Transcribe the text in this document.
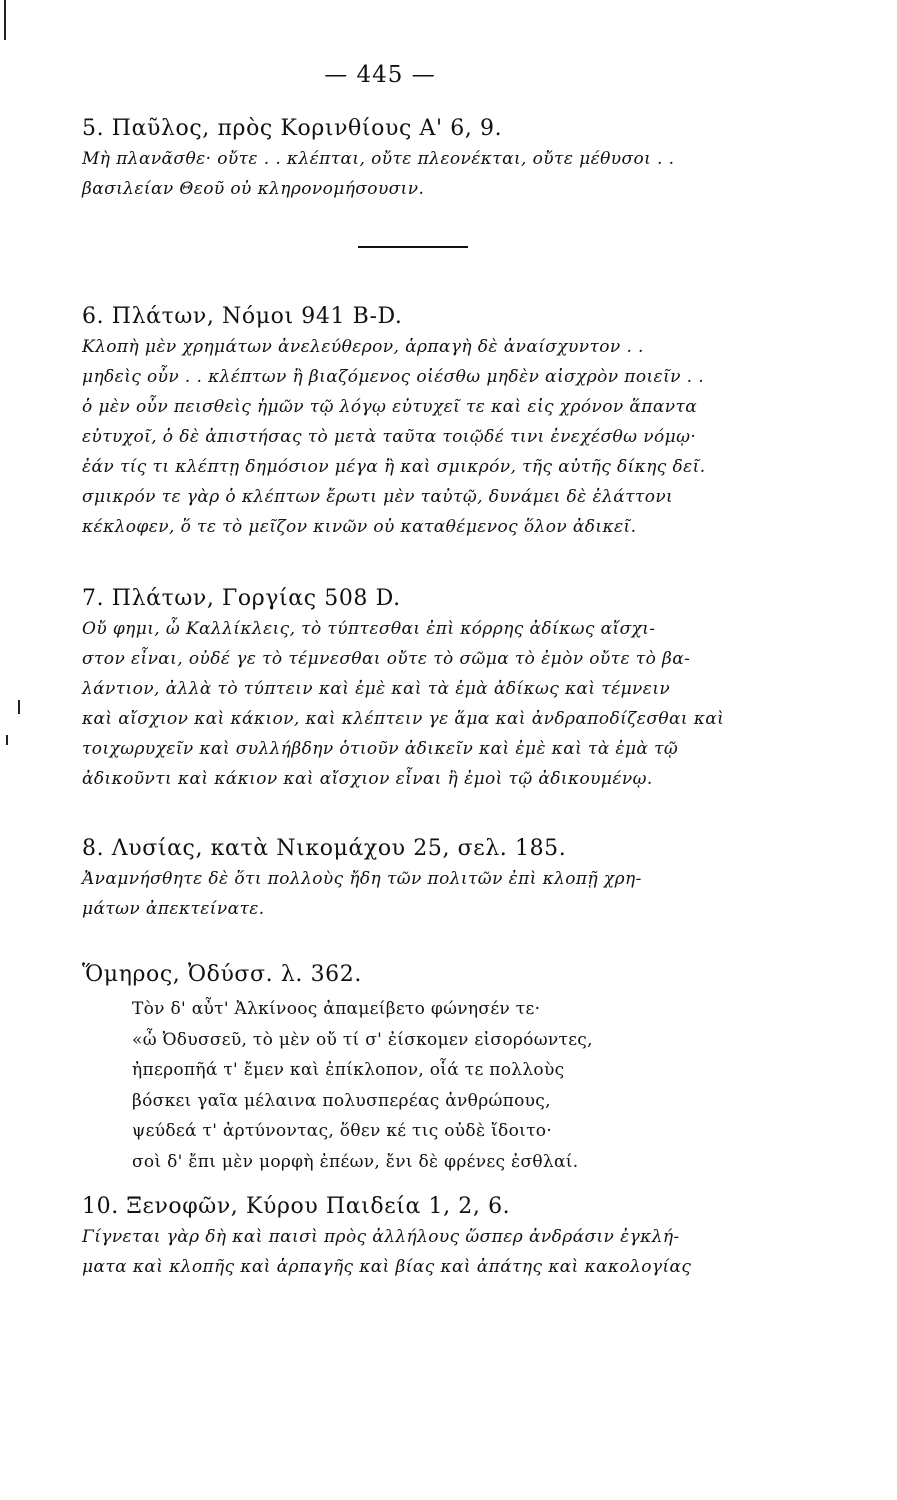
— 445 —
5. Παῦλος, πρὸς Κορινθίους Α' 6, 9.
Μὴ πλανᾶσθε· οὔτε . . κλέπται, οὔτε πλεονέκται, οὔτε μέθυσοι . .
βασιλείαν Θεοῦ οὐ κληρονομήσουσιν.
6. Πλάτων, Νόμοι 941 Β-D.
Κλοπὴ μὲν χρημάτων ἀνελεύθερον, ἁρπαγὴ δὲ ἀναίσχυντον . .
μηδεὶς οὖν . . κλέπτων ἢ βιαζόμενος οἰέσθω μηδὲν αἰσχρὸν ποιεῖν . .
ὁ μὲν οὖν πεισθεὶς ἡμῶν τῷ λόγῳ εὐτυχεῖ τε καὶ εἰς χρόνον ἅπαντα
εὐτυχοῖ, ὁ δὲ ἀπιστήσας τὸ μετὰ ταῦτα τοιῷδέ τινι ἐνεχέσθω νόμῳ·
ἐάν τίς τι κλέπτῃ δημόσιον μέγα ἢ καὶ σμικρόν, τῆς αὐτῆς δίκης δεῖ.
σμικρόν τε γὰρ ὁ κλέπτων ἔρωτι μὲν ταὐτῷ, δυνάμει δὲ ἐλάττονι
κέκλοφεν, ὅ τε τὸ μεῖζον κινῶν οὐ καταθέμενος ὅλον ἀδικεῖ.
7. Πλάτων, Γοργίας 508 D.
Οὔ φημι, ὦ Καλλίκλεις, τὸ τύπτεσθαι ἐπὶ κόρρης ἀδίκως αἴσχι-
στον εἶναι, οὐδέ γε τὸ τέμνεσθαι οὔτε τὸ σῶμα τὸ ἐμὸν οὔτε τὸ βα-
λάντιον, ἀλλὰ τὸ τύπτειν καὶ ἐμὲ καὶ τὰ ἐμὰ ἀδίκως καὶ τέμνειν
καὶ αἴσχιον καὶ κάκιον, καὶ κλέπτειν γε ἅμα καὶ ἀνδραποδίζεσθαι καὶ
τοιχωρυχεῖν καὶ συλλήβδην ὁτιοῦν ἀδικεῖν καὶ ἐμὲ καὶ τὰ ἐμὰ τῷ
ἀδικοῦντι καὶ κάκιον καὶ αἴσχιον εἶναι ἢ ἐμοὶ τῷ ἀδικουμένῳ.
8. Λυσίας, κατὰ Νικομάχου 25, σελ. 185.
Ἀναμνήσθητε δὲ ὅτι πολλοὺς ἤδη τῶν πολιτῶν ἐπὶ κλοπῇ χρη-
μάτων ἀπεκτείνατε.
Ὅμηρος, Ὀδύσσ. λ. 362.
Τὸν δ' αὖτ' Ἀλκίνοος ἀπαμείβετο φώνησέν τε·
«ὦ Ὀδυσσεῦ, τὸ μὲν οὔ τί σ' ἐίσκομεν εἰσορόωντες,
ἠπεροπῆά τ' ἔμεν καὶ ἐπίκλοπον, οἷά τε πολλοὺς
βόσκει γαῖα μέλαινα πολυσπερέας ἀνθρώπους,
ψεύδεά τ' ἀρτύνοντας, ὅθεν κέ τις οὐδὲ ἴδοιτο·
σοὶ δ' ἔπι μὲν μορφὴ ἐπέων, ἔνι δὲ φρένες ἐσθλαί.
10. Ξενοφῶν, Κύρου Παιδεία 1, 2, 6.
Γίγνεται γὰρ δὴ καὶ παισὶ πρὸς ἀλλήλους ὥσπερ ἀνδράσιν ἐγκλή-
ματα καὶ κλοπῆς καὶ ἁρπαγῆς καὶ βίας καὶ ἀπάτης καὶ κακολογίας
